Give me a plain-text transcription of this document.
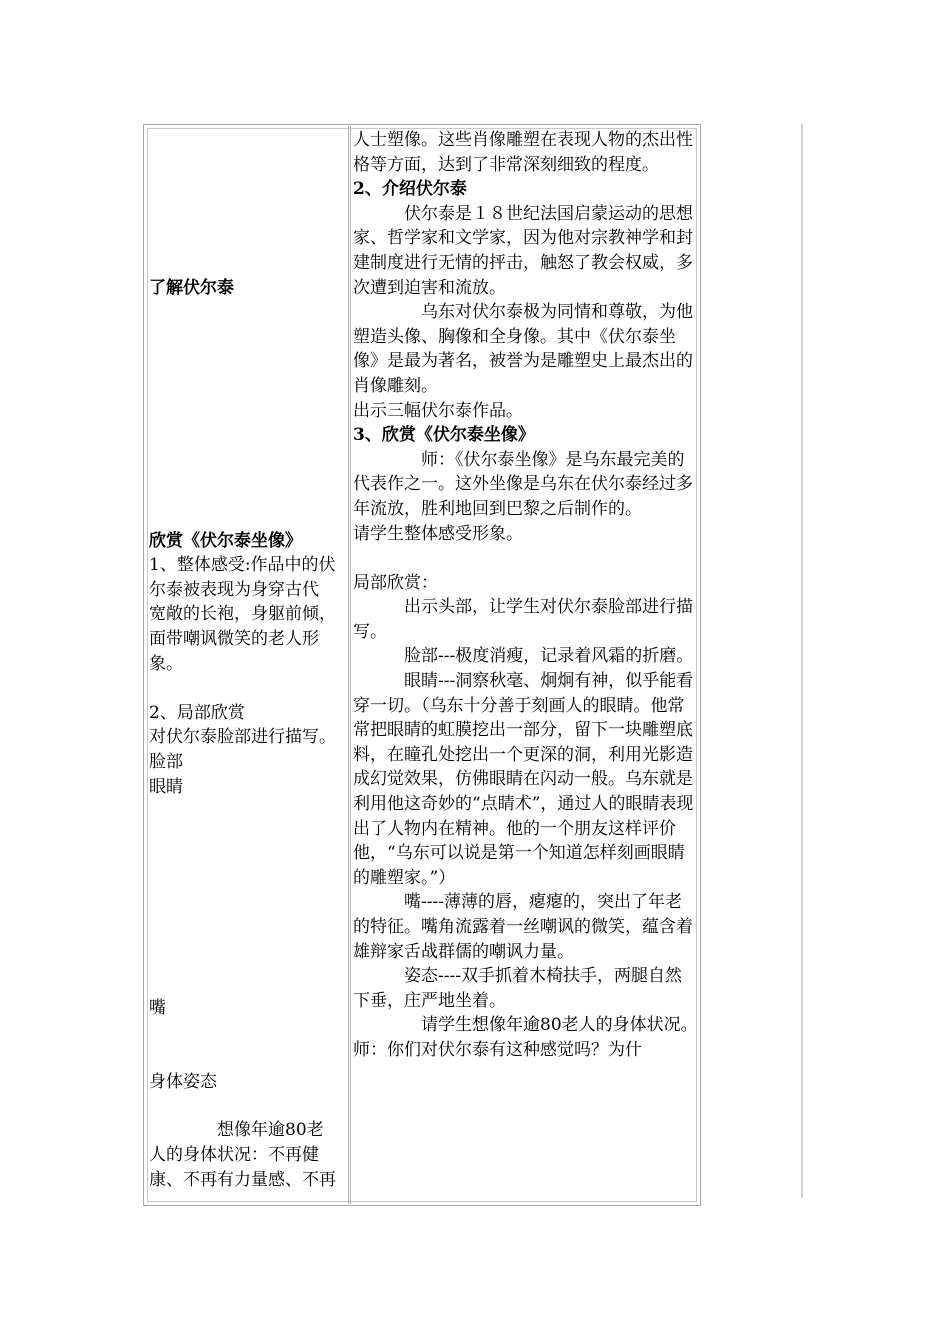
了解伏尔泰

欣赏《伏尔泰坐像》

1、整体感受:作品中的伏

尔泰被表现为身穿古代

宽敞的长袍，身躯前倾，

面带嘲讽微笑的老人形

象。

2、局部欣赏

对伏尔泰脸部进行描写。

脸部

眼睛

嘴

身体姿态

想像年逾80老

人的身体状况：不再健

康、不再有力量感、不再

人士塑像。这些肖像雕塑在表现人物的杰出性格等方面，达到了非常深刻细致的程度。

2、介绍伏尔泰

伏尔泰是１８世纪法国启蒙运动的思想家、哲学家和文学家，因为他对宗教神学和封建制度进行无情的抨击，触怒了教会权威，多次遭到迫害和流放。

乌东对伏尔泰极为同情和尊敬，为他塑造头像、胸像和全身像。其中《伏尔泰坐像》是最为著名，被誉为是雕塑史上最杰出的肖像雕刻。

出示三幅伏尔泰作品。

3、欣赏《伏尔泰坐像》

师：《伏尔泰坐像》是乌东最完美的代表作之一。这外坐像是乌东在伏尔泰经过多年流放，胜利地回到巴黎之后制作的。

请学生整体感受形象。

局部欣赏：

出示头部，让学生对伏尔泰脸部进行描写。

脸部---极度消瘦，记录着风霜的折磨。

眼睛---洞察秋毫、炯炯有神，似乎能看穿一切。（乌东十分善于刻画人的眼睛。他常常把眼睛的虹膜挖出一部分，留下一块雕塑底料，在瞳孔处挖出一个更深的洞，利用光影造成幻觉效果，仿佛眼睛在闪动一般。乌东就是利用他这奇妙的“点睛术”，通过人的眼睛表现出了人物内在精神。他的一个朋友这样评价他，“乌东可以说是第一个知道怎样刻画眼睛的雕塑家。”）

嘴----薄薄的唇，瘪瘪的，突出了年老的特征。嘴角流露着一丝嘲讽的微笑，蕴含着雄辩家舌战群儒的嘲讽力量。

姿态----双手抓着木椅扶手，两腿自然下垂，庄严地坐着。

请学生想像年逾80老人的身体状况。

师：你们对伏尔泰有这种感觉吗？为什
